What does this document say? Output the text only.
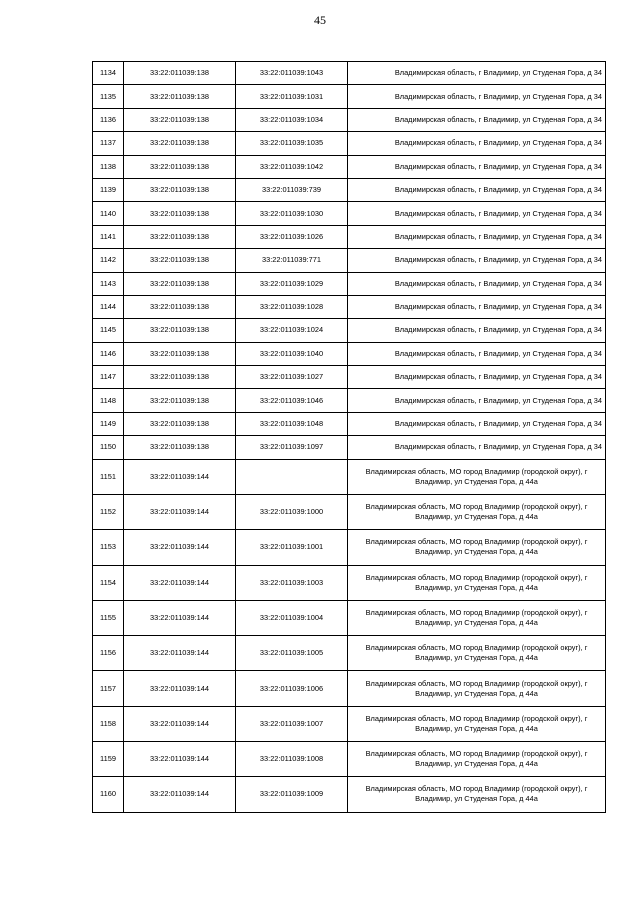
45
1134	33:22:011039:138	33:22:011039:1043	Владимирская область, г Владимир, ул Студеная Гора, д 34
1135	33:22:011039:138	33:22:011039:1031	Владимирская область, г Владимир, ул Студеная Гора, д 34
1136	33:22:011039:138	33:22:011039:1034	Владимирская область, г Владимир, ул Студеная Гора, д 34
1137	33:22:011039:138	33:22:011039:1035	Владимирская область, г Владимир, ул Студеная Гора, д 34
1138	33:22:011039:138	33:22:011039:1042	Владимирская область, г Владимир, ул Студеная Гора, д 34
1139	33:22:011039:138	33:22:011039:739	Владимирская область, г Владимир, ул Студеная Гора, д 34
1140	33:22:011039:138	33:22:011039:1030	Владимирская область, г Владимир, ул Студеная Гора, д 34
1141	33:22:011039:138	33:22:011039:1026	Владимирская область, г Владимир, ул Студеная Гора, д 34
1142	33:22:011039:138	33:22:011039:771	Владимирская область, г Владимир, ул Студеная Гора, д 34
1143	33:22:011039:138	33:22:011039:1029	Владимирская область, г Владимир, ул Студеная Гора, д 34
1144	33:22:011039:138	33:22:011039:1028	Владимирская область, г Владимир, ул Студеная Гора, д 34
1145	33:22:011039:138	33:22:011039:1024	Владимирская область, г Владимир, ул Студеная Гора, д 34
1146	33:22:011039:138	33:22:011039:1040	Владимирская область, г Владимир, ул Студеная Гора, д 34
1147	33:22:011039:138	33:22:011039:1027	Владимирская область, г Владимир, ул Студеная Гора, д 34
1148	33:22:011039:138	33:22:011039:1046	Владимирская область, г Владимир, ул Студеная Гора, д 34
1149	33:22:011039:138	33:22:011039:1048	Владимирская область, г Владимир, ул Студеная Гора, д 34
1150	33:22:011039:138	33:22:011039:1097	Владимирская область, г Владимир, ул Студеная Гора, д 34
1151	33:22:011039:144		Владимирская область, МО город Владимир (городской округ), г Владимир, ул Студеная Гора, д 44а
1152	33:22:011039:144	33:22:011039:1000	Владимирская область, МО город Владимир (городской округ), г Владимир, ул Студеная Гора, д 44а
1153	33:22:011039:144	33:22:011039:1001	Владимирская область, МО город Владимир (городской округ), г Владимир, ул Студеная Гора, д 44а
1154	33:22:011039:144	33:22:011039:1003	Владимирская область, МО город Владимир (городской округ), г Владимир, ул Студеная Гора, д 44а
1155	33:22:011039:144	33:22:011039:1004	Владимирская область, МО город Владимир (городской округ), г Владимир, ул Студеная Гора, д 44а
1156	33:22:011039:144	33:22:011039:1005	Владимирская область, МО город Владимир (городской округ), г Владимир, ул Студеная Гора, д 44а
1157	33:22:011039:144	33:22:011039:1006	Владимирская область, МО город Владимир (городской округ), г Владимир, ул Студеная Гора, д 44а
1158	33:22:011039:144	33:22:011039:1007	Владимирская область, МО город Владимир (городской округ), г Владимир, ул Студеная Гора, д 44а
1159	33:22:011039:144	33:22:011039:1008	Владимирская область, МО город Владимир (городской округ), г Владимир, ул Студеная Гора, д 44а
1160	33:22:011039:144	33:22:011039:1009	Владимирская область, МО город Владимир (городской округ), г Владимир, ул Студеная Гора, д 44а
